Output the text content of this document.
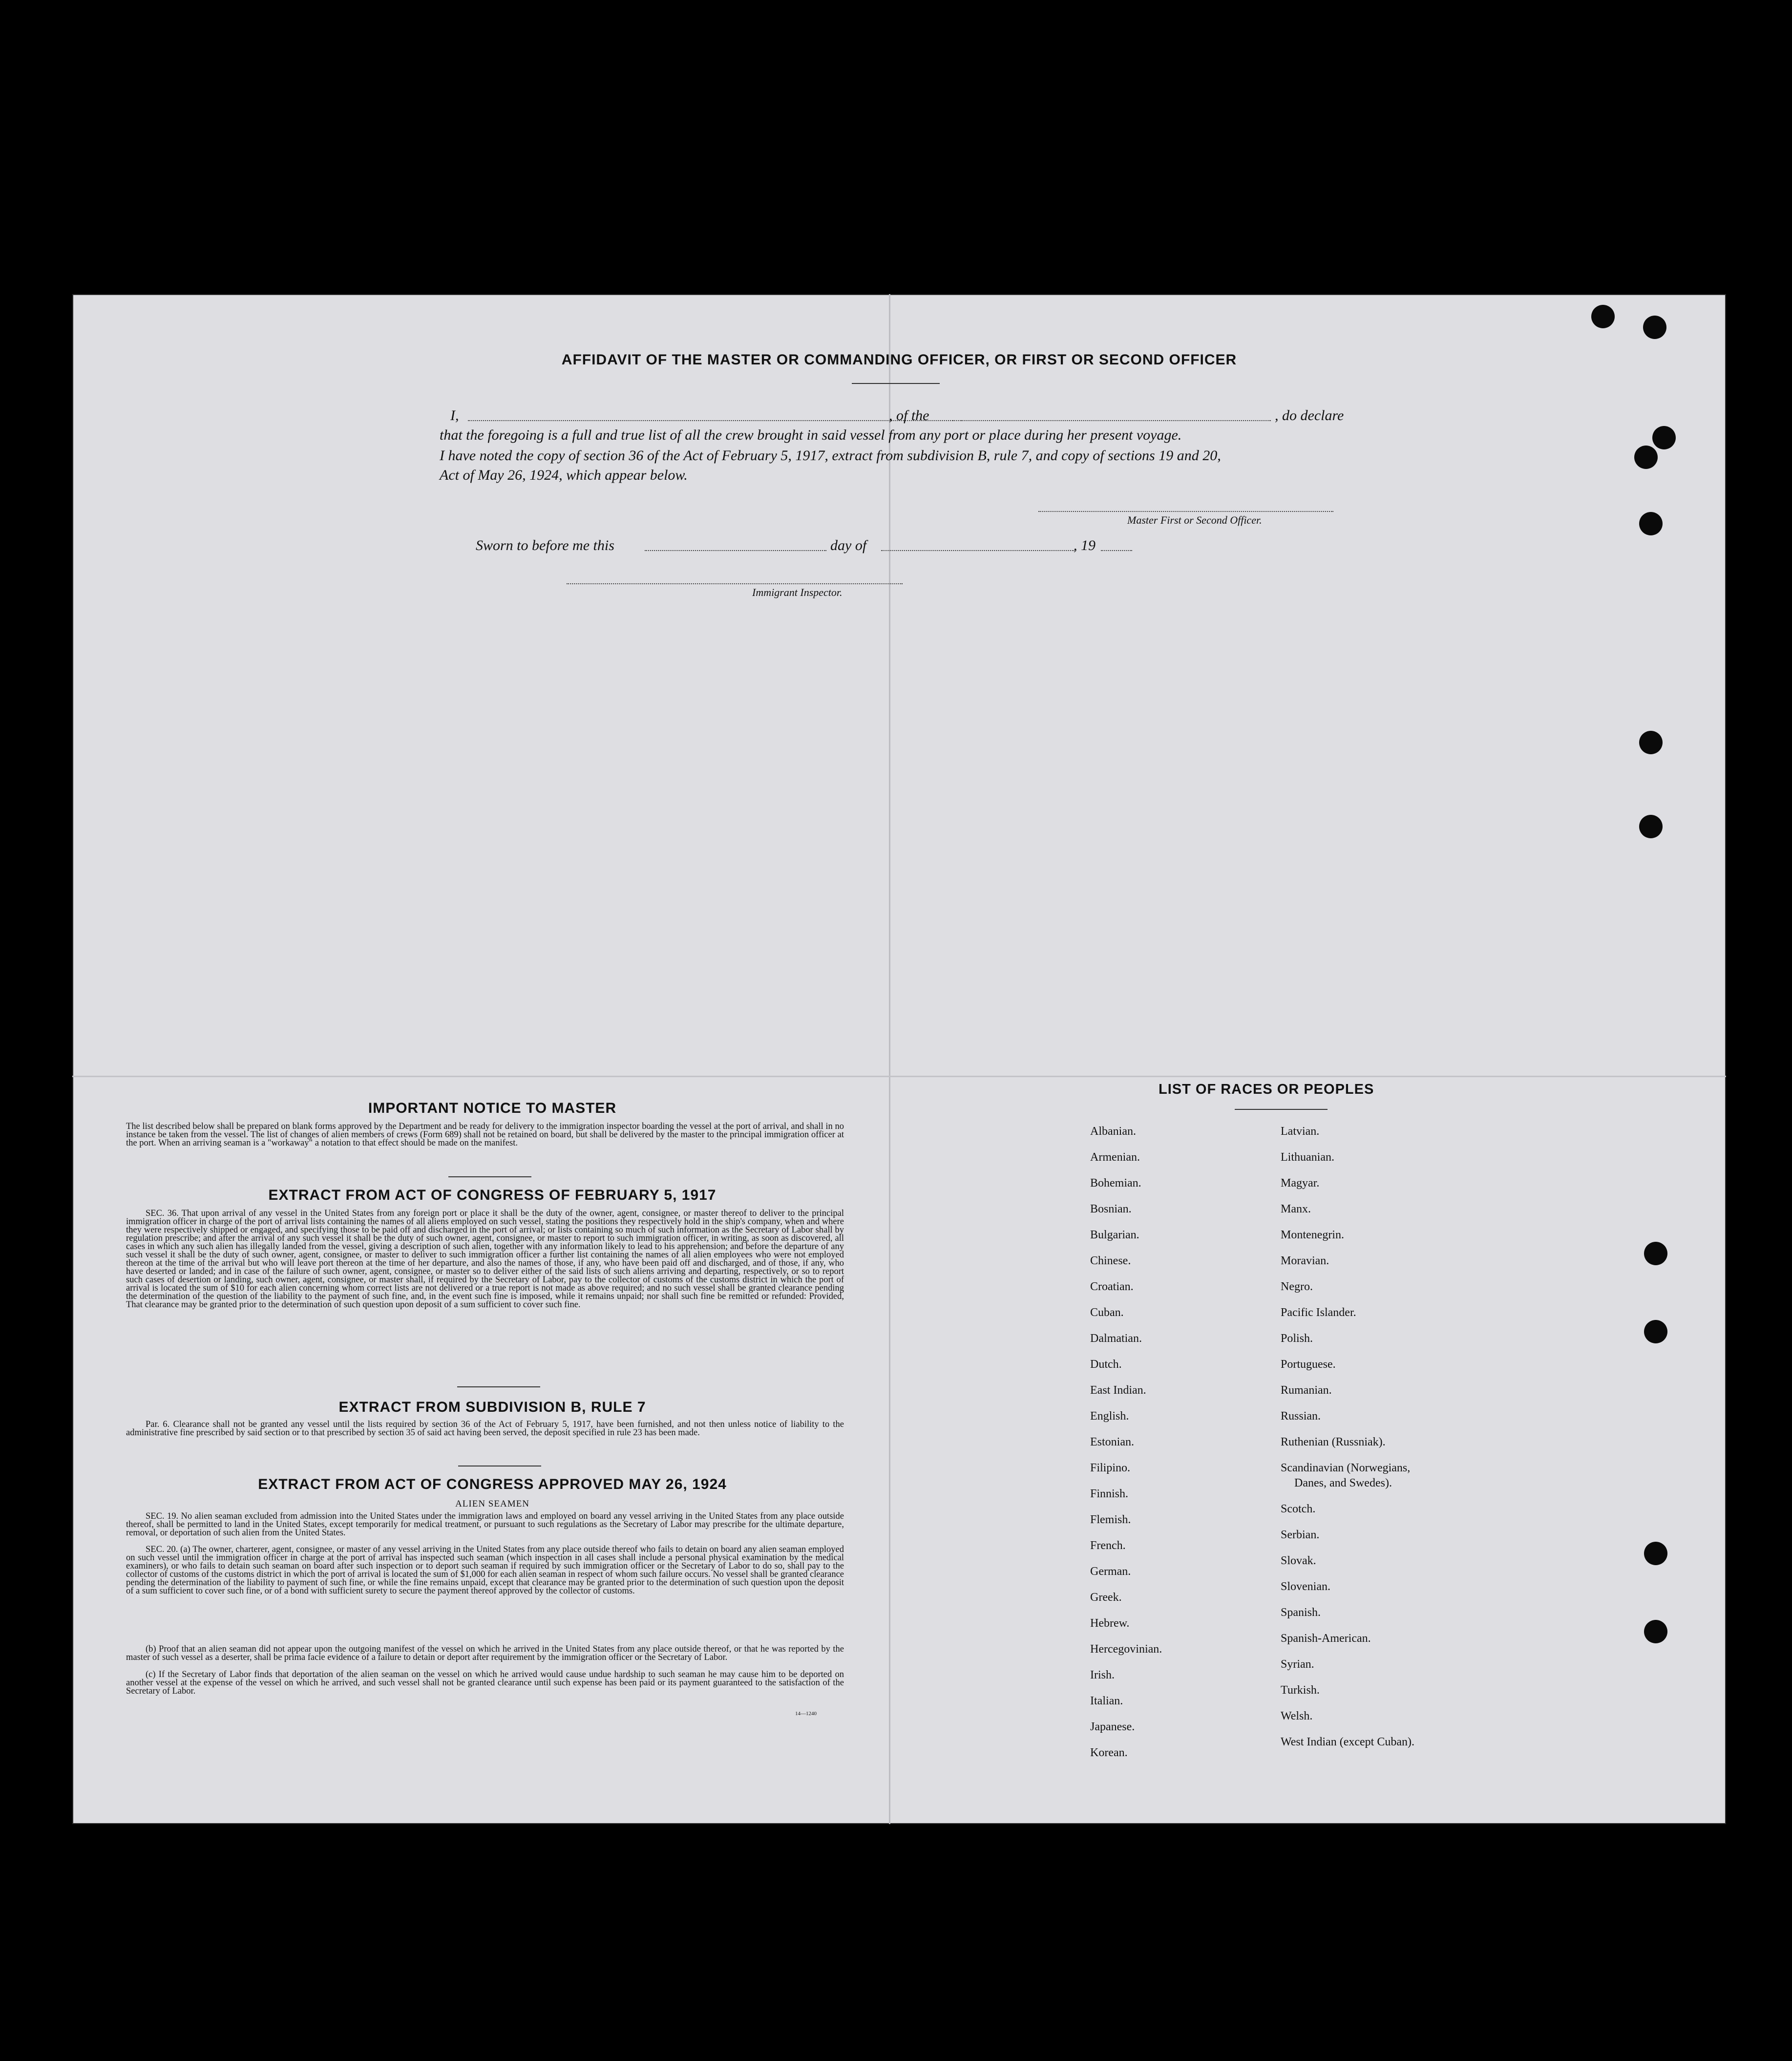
AFFIDAVIT OF THE MASTER OR COMMANDING OFFICER, OR FIRST OR SECOND OFFICER
I,	, of the	, do declare
that the foregoing is a full and true list of all the crew brought in said vessel from any port or place during her present voyage.
I have noted the copy of section 36 of the Act of February 5, 1917, extract from subdivision B, rule 7, and copy of sections 19 and 20,
Act of May 26, 1924, which appear below.
Master First or Second Officer.
Sworn to before me this	day of	, 19
Immigrant Inspector.
IMPORTANT NOTICE TO MASTER
The list described below shall be prepared on blank forms approved by the Department and be ready for delivery to the immigration inspector boarding the vessel at the port of arrival, and shall in no instance be taken from the vessel. The list of changes of alien members of crews (Form 689) shall not be retained on board, but shall be delivered by the master to the principal immigration officer at the port. When an arriving seaman is a "workaway" a notation to that effect should be made on the manifest.
EXTRACT FROM ACT OF CONGRESS OF FEBRUARY 5, 1917
SEC. 36. That upon arrival of any vessel in the United States from any foreign port or place it shall be the duty of the owner, agent, consignee, or master thereof to deliver to the principal immigration officer in charge of the port of arrival lists containing the names of all aliens employed on such vessel, stating the positions they respectively hold in the ship's company, when and where they were respectively shipped or engaged, and specifying those to be paid off and discharged in the port of arrival; or lists containing so much of such information as the Secretary of Labor shall by regulation prescribe; and after the arrival of any such vessel it shall be the duty of such owner, agent, consignee, or master to report to such immigration officer, in writing, as soon as discovered, all cases in which any such alien has illegally landed from the vessel, giving a description of such alien, together with any information likely to lead to his apprehension; and before the departure of any such vessel it shall be the duty of such owner, agent, consignee, or master to deliver to such immigration officer a further list containing the names of all alien employees who were not employed thereon at the time of the arrival but who will leave port thereon at the time of her departure, and also the names of those, if any, who have been paid off and discharged, and of those, if any, who have deserted or landed; and in case of the failure of such owner, agent, consignee, or master so to deliver either of the said lists of such aliens arriving and departing, respectively, or so to report such cases of desertion or landing, such owner, agent, consignee, or master shall, if required by the Secretary of Labor, pay to the collector of customs of the customs district in which the port of arrival is located the sum of $10 for each alien concerning whom correct lists are not delivered or a true report is not made as above required; and no such vessel shall be granted clearance pending the determination of the question of the liability to the payment of such fine, and, in the event such fine is imposed, while it remains unpaid; nor shall such fine be remitted or refunded: Provided, That clearance may be granted prior to the determination of such question upon deposit of a sum sufficient to cover such fine.
EXTRACT FROM SUBDIVISION B, RULE 7
Par. 6. Clearance shall not be granted any vessel until the lists required by section 36 of the Act of February 5, 1917, have been furnished, and not then unless notice of liability to the administrative fine prescribed by said section or to that prescribed by section 35 of said act having been served, the deposit specified in rule 23 has been made.
EXTRACT FROM ACT OF CONGRESS APPROVED MAY 26, 1924
ALIEN SEAMEN
SEC. 19. No alien seaman excluded from admission into the United States under the immigration laws and employed on board any vessel arriving in the United States from any place outside thereof, shall be permitted to land in the United States, except temporarily for medical treatment, or pursuant to such regulations as the Secretary of Labor may prescribe for the ultimate departure, removal, or deportation of such alien from the United States.
SEC. 20. (a) The owner, charterer, agent, consignee, or master of any vessel arriving in the United States from any place outside thereof who fails to detain on board any alien seaman employed on such vessel until the immigration officer in charge at the port of arrival has inspected such seaman (which inspection in all cases shall include a personal physical examination by the medical examiners), or who fails to detain such seaman on board after such inspection or to deport such seaman if required by such immigration officer or the Secretary of Labor to do so, shall pay to the collector of customs of the customs district in which the port of arrival is located the sum of $1,000 for each alien seaman in respect of whom such failure occurs. No vessel shall be granted clearance pending the determination of the liability to payment of such fine, or while the fine remains unpaid, except that clearance may be granted prior to the determination of such question upon the deposit of a sum sufficient to cover such fine, or of a bond with sufficient surety to secure the payment thereof approved by the collector of customs.
(b) Proof that an alien seaman did not appear upon the outgoing manifest of the vessel on which he arrived in the United States from any place outside thereof, or that he was reported by the master of such vessel as a deserter, shall be prima facie evidence of a failure to detain or deport after requirement by the immigration officer or the Secretary of Labor.
(c) If the Secretary of Labor finds that deportation of the alien seaman on the vessel on which he arrived would cause undue hardship to such seaman he may cause him to be deported on another vessel at the expense of the vessel on which he arrived, and such vessel shall not be granted clearance until such expense has been paid or its payment guaranteed to the satisfaction of the Secretary of Labor.
14—1240
LIST OF RACES OR PEOPLES
Albanian.
Armenian.
Bohemian.
Bosnian.
Bulgarian.
Chinese.
Croatian.
Cuban.
Dalmatian.
Dutch.
East Indian.
English.
Estonian.
Filipino.
Finnish.
Flemish.
French.
German.
Greek.
Hebrew.
Hercegovinian.
Irish.
Italian.
Japanese.
Korean.
Latvian.
Lithuanian.
Magyar.
Manx.
Montenegrin.
Moravian.
Negro.
Pacific Islander.
Polish.
Portuguese.
Rumanian.
Russian.
Ruthenian (Russniak).
Scandinavian (Norwegians,
Danes, and Swedes).
Scotch.
Serbian.
Slovak.
Slovenian.
Spanish.
Spanish-American.
Syrian.
Turkish.
Welsh.
West Indian (except Cuban).
